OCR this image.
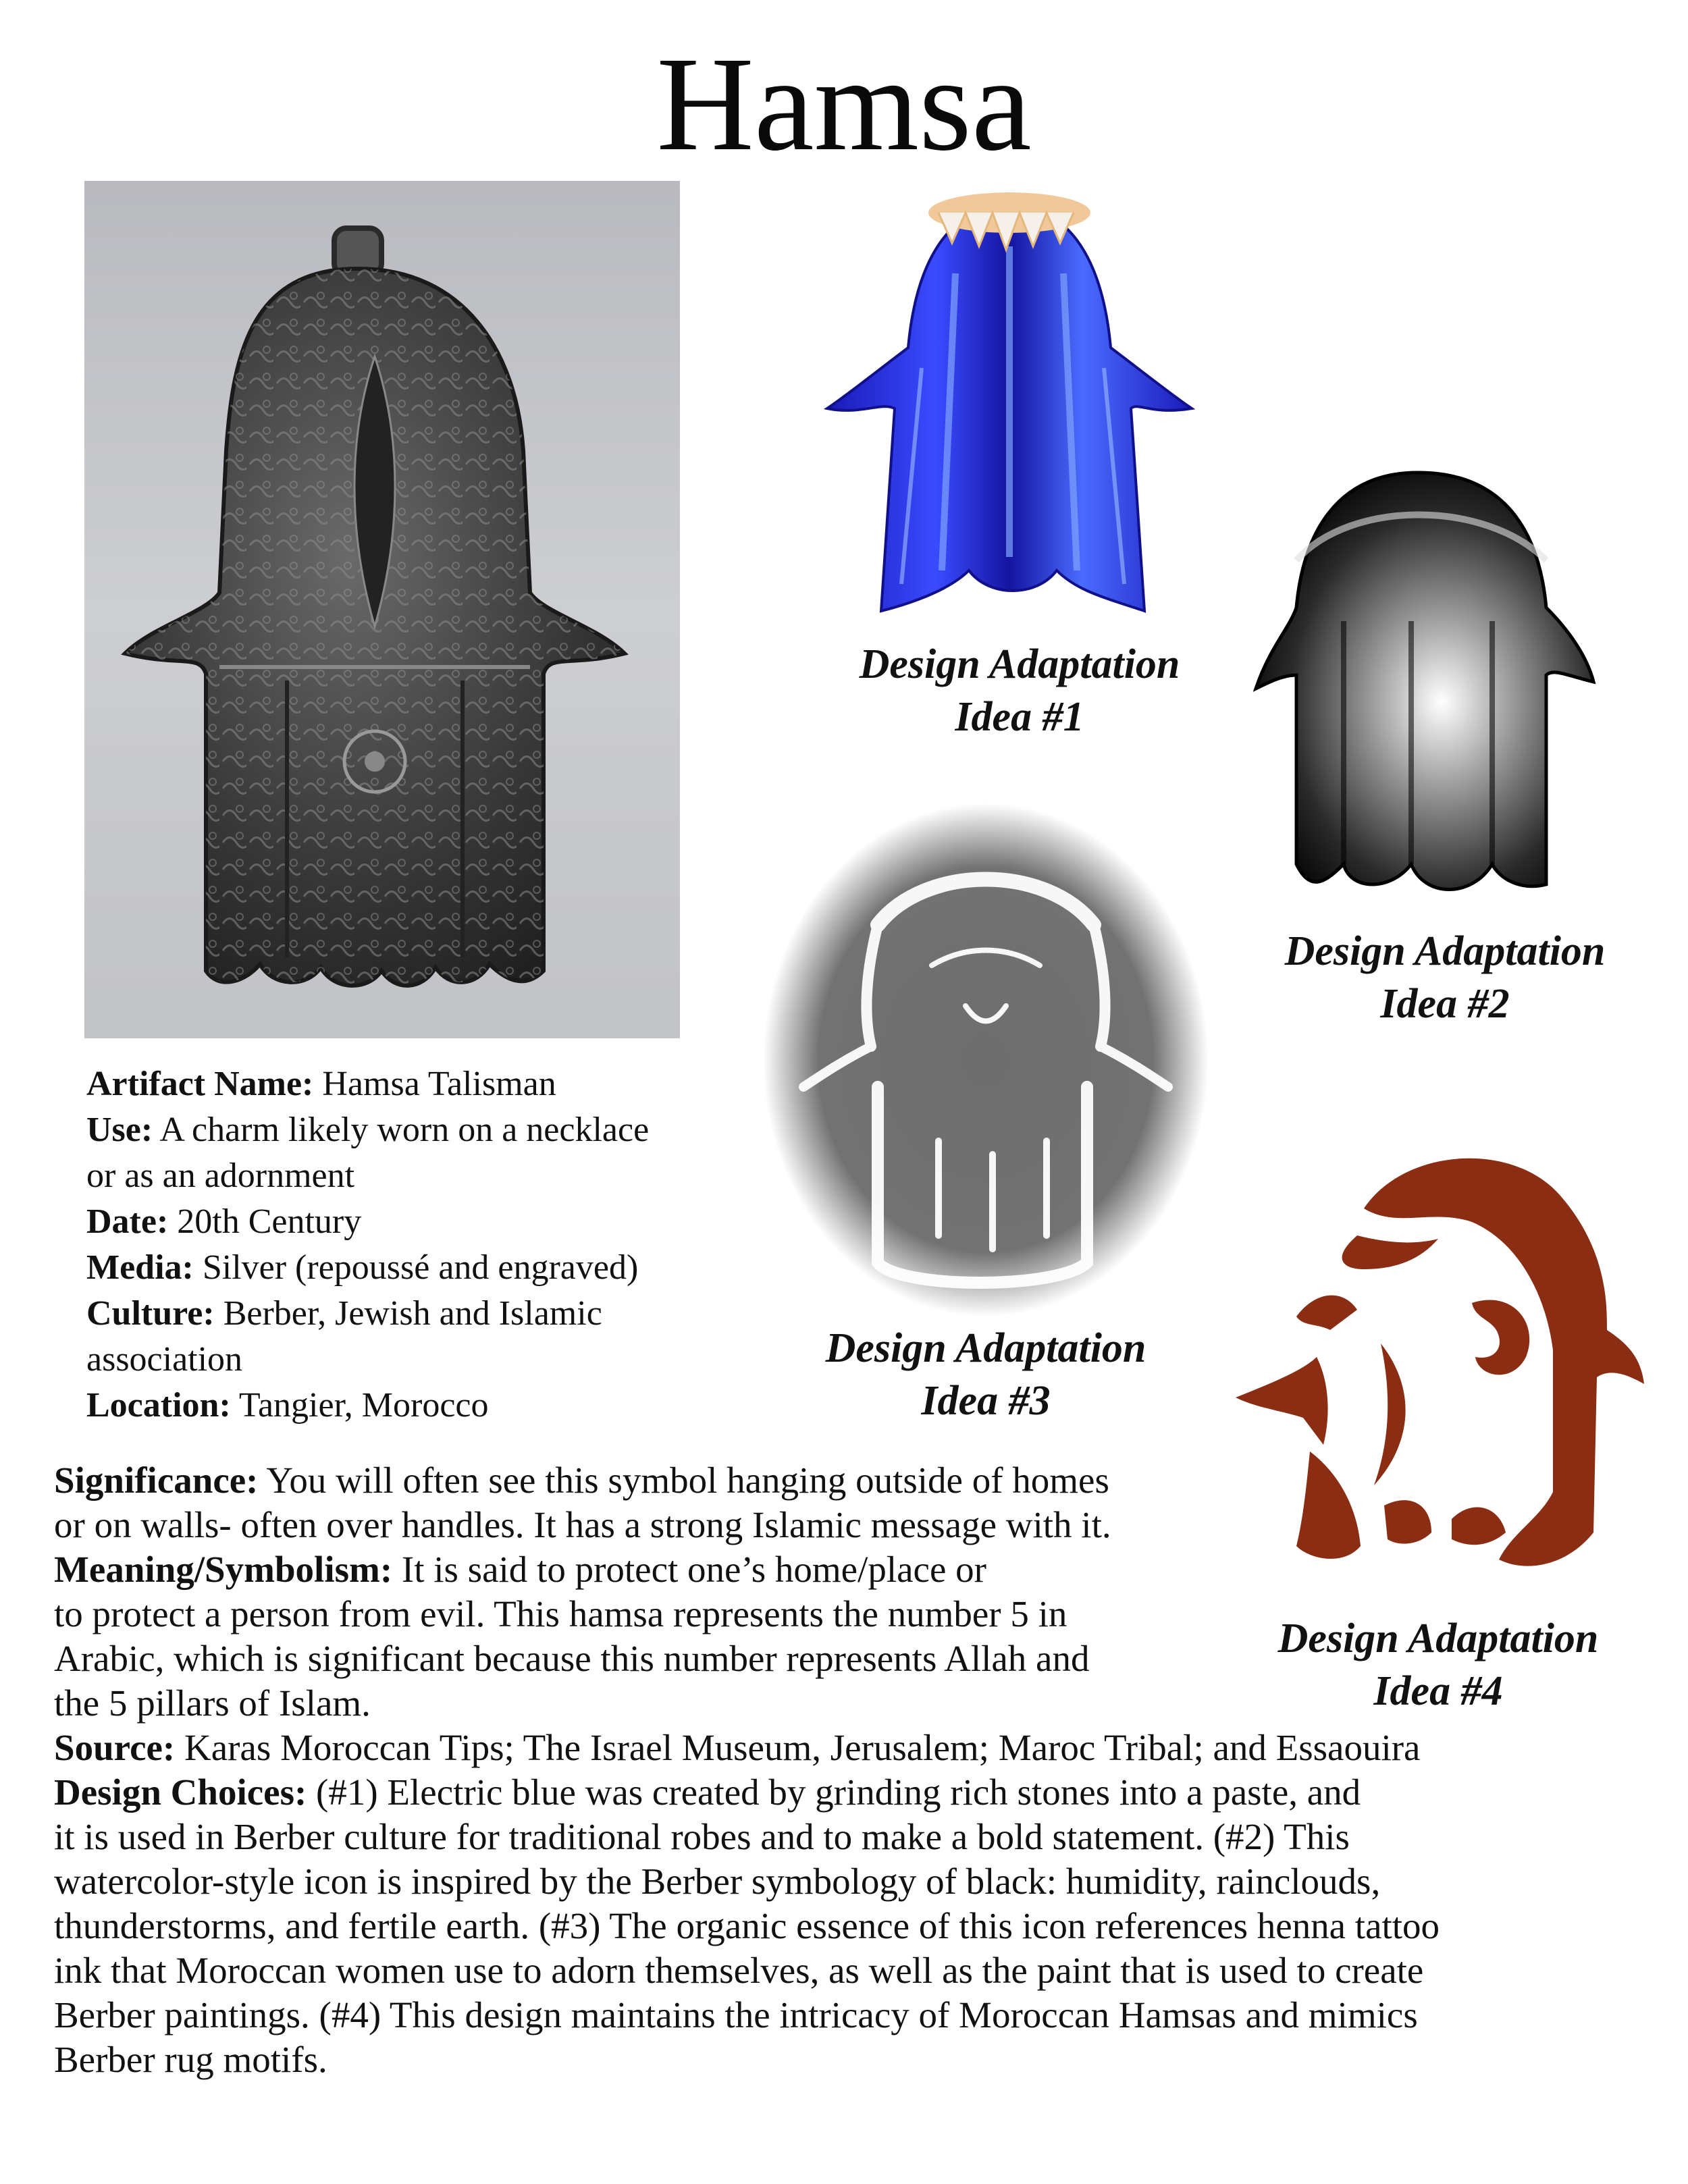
Hamsa
Design Adaptation
Idea #1
Design Adaptation
Idea #2
Design Adaptation
Idea #3
Design Adaptation
Idea #4
Artifact Name: Hamsa Talisman
Use: A charm likely worn on a necklace
or as an adornment
Date: 20th Century
Media: Silver (repoussé and engraved)
Culture: Berber, Jewish and Islamic
association
Location: Tangier, Morocco
Significance: You will often see this symbol hanging outside of homes
or on walls- often over handles. It has a strong Islamic message with it.
Meaning/Symbolism: It is said to protect one’s home/place or
to protect a person from evil. This hamsa represents the number 5 in
Arabic, which is significant because this number represents Allah and
the 5 pillars of Islam.
Source: Karas Moroccan Tips; The Israel Museum, Jerusalem; Maroc Tribal; and Essaouira
Design Choices: (#1) Electric blue was created by grinding rich stones into a paste, and
it is used in Berber culture for traditional robes and to make a bold statement. (#2) This
watercolor-style icon is inspired by the Berber symbology of black: humidity, rainclouds,
thunderstorms, and fertile earth. (#3) The organic essence of this icon references henna tattoo
ink that Moroccan women use to adorn themselves, as well as the paint that is used to create
Berber paintings. (#4) This design maintains the intricacy of Moroccan Hamsas and mimics
Berber rug motifs.
